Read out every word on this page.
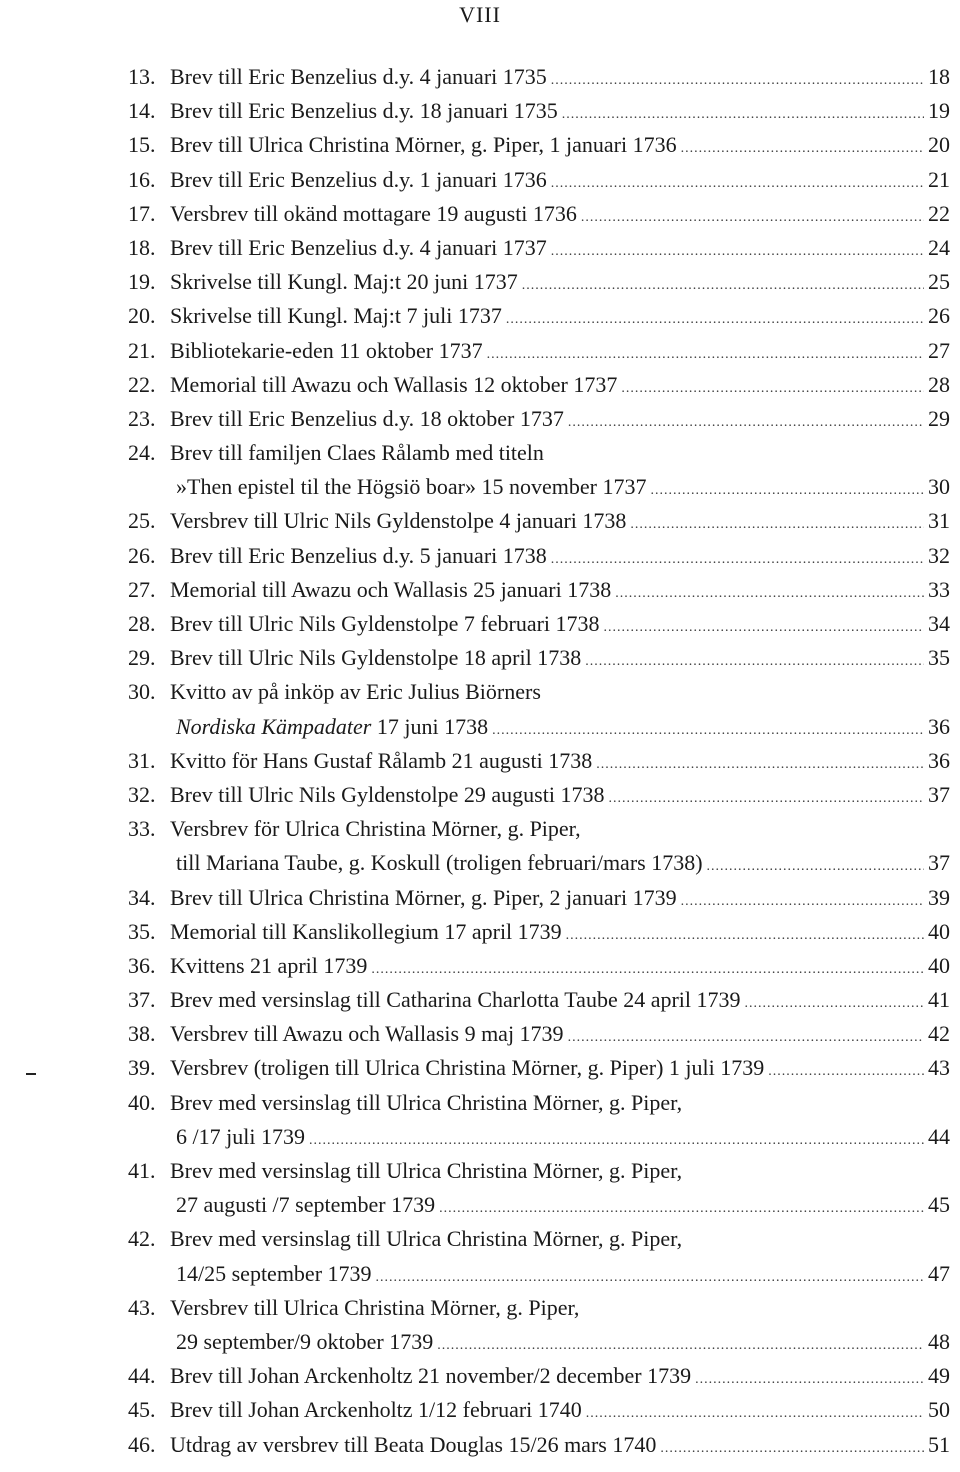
VIII
13. Brev till Eric Benzelius d.y. 4 januari 1735 .....	18
14. Brev till Eric Benzelius d.y. 18 januari 1735 .....	19
15. Brev till Ulrica Christina Mörner, g. Piper, 1 januari 1736 .....	20
16. Brev till Eric Benzelius d.y. 1 januari 1736 .....	21
17. Versbrev till okänd mottagare 19 augusti 1736 .....	22
18. Brev till Eric Benzelius d.y. 4 januari 1737 .....	24
19. Skrivelse till Kungl. Maj:t 20 juni 1737 .....	25
20. Skrivelse till Kungl. Maj:t 7 juli 1737 .....	26
21. Bibliotekarie-eden 11 oktober 1737 .....	27
22. Memorial till Awazu och Wallasis 12 oktober 1737 .....	28
23. Brev till Eric Benzelius d.y. 18 oktober 1737 .....	29
24. Brev till familjen Claes Rålamb med titeln
»Then epistel til the Högsiö boar» 15 november 1737 .....	30
25. Versbrev till Ulric Nils Gyldenstolpe 4 januari 1738 .....	31
26. Brev till Eric Benzelius d.y. 5 januari 1738 .....	32
27. Memorial till Awazu och Wallasis 25 januari 1738 .....	33
28. Brev till Ulric Nils Gyldenstolpe 7 februari 1738 .....	34
29. Brev till Ulric Nils Gyldenstolpe 18 april 1738 .....	35
30. Kvitto av på inköp av Eric Julius Biörners
Nordiska Kämpadater 17 juni 1738 .....	36
31. Kvitto för Hans Gustaf Rålamb 21 augusti 1738 .....	36
32. Brev till Ulric Nils Gyldenstolpe 29 augusti 1738 .....	37
33. Versbrev för Ulrica Christina Mörner, g. Piper,
till Mariana Taube, g. Koskull (troligen februari/mars 1738) .....	37
34. Brev till Ulrica Christina Mörner, g. Piper, 2 januari 1739 .....	39
35. Memorial till Kanslikollegium 17 april 1739 .....	40
36. Kvittens 21 april 1739 .....	40
37. Brev med versinslag till Catharina Charlotta Taube 24 april 1739 .....	41
38. Versbrev till Awazu och Wallasis 9 maj 1739 .....	42
39. Versbrev (troligen till Ulrica Christina Mörner, g. Piper) 1 juli 1739 .....	43
40. Brev med versinslag till Ulrica Christina Mörner, g. Piper,
6 /17 juli 1739 .....	44
41. Brev med versinslag till Ulrica Christina Mörner, g. Piper,
27 augusti /7 september 1739 .....	45
42. Brev med versinslag till Ulrica Christina Mörner, g. Piper,
14/25 september 1739 .....	47
43. Versbrev till Ulrica Christina Mörner, g. Piper,
29 september/9 oktober 1739 .....	48
44. Brev till Johan Arckenholtz 21 november/2 december 1739 .....	49
45. Brev till Johan Arckenholtz 1/12 februari 1740 .....	50
46. Utdrag av versbrev till Beata Douglas 15/26 mars 1740 .....	51
